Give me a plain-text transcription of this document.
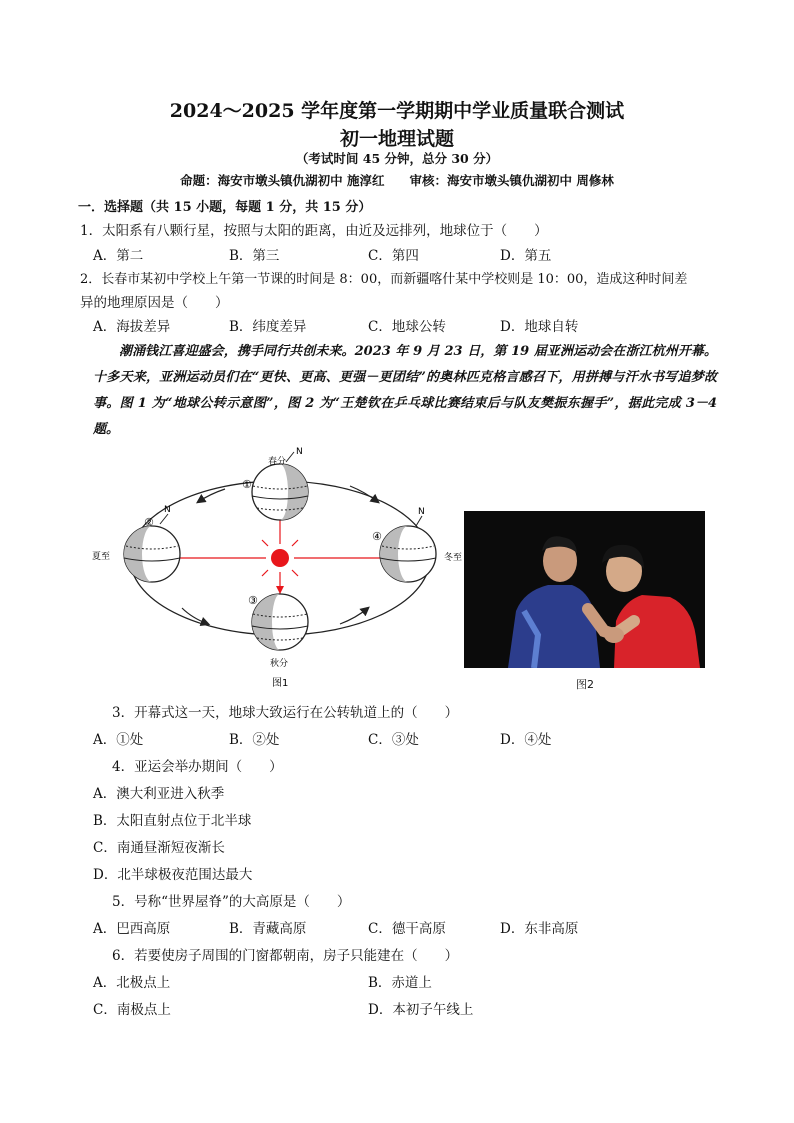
2024～2025 学年度第一学期期中学业质量联合测试
初一地理试题
（考试时间 45 分钟，总分 30 分）
命题：海安市墩头镇仇湖初中 施淳红　　 审核：海安市墩头镇仇湖初中 周修林
一．选择题（共 15 小题，每题 1 分，共 15 分）
1．太阳系有八颗行星，按照与太阳的距离，由近及远排列，地球位于（　　）
A．第二	B．第三	C．第四	D．第五
2．长春市某初中学校上午第一节课的时间是 8：00，而新疆喀什某中学校则是 10：00，造成这种时间差
异的地理原因是（　　）
A．海拔差异	B．纬度差异	C．地球公转	D．地球自转

潮涌钱江喜迎盛会，携手同行共创未来。2023 年 9 月 23 日，第 19 届亚洲运动会在浙江杭州开幕。十多天来，亚洲运动员们在“更快、更高、更强－更团结”的奥林匹克格言感召下，用拼搏与汗水书写追梦故事。图 1 为“地球公转示意图”，图 2 为“王楚钦在乒乓球比赛结束后与队友樊振东握手”，据此完成 3－4 题。

春分
N
①
N
②
夏至
N
④
冬至
③
秋分
图1	图2
3．开幕式这一天，地球大致运行在公转轨道上的（　　）
A．①处	B．②处	C．③处	D．④处
4．亚运会举办期间（　　）
A．澳大利亚进入秋季
B．太阳直射点位于北半球
C．南通昼渐短夜渐长
D．北半球极夜范围达最大
5．号称“世界屋脊”的大高原是（　　）
A．巴西高原	B．青藏高原	C．德干高原	D．东非高原
6．若要使房子周围的门窗都朝南，房子只能建在（　　）
A．北极点上	B．赤道上
C．南极点上	D．本初子午线上
